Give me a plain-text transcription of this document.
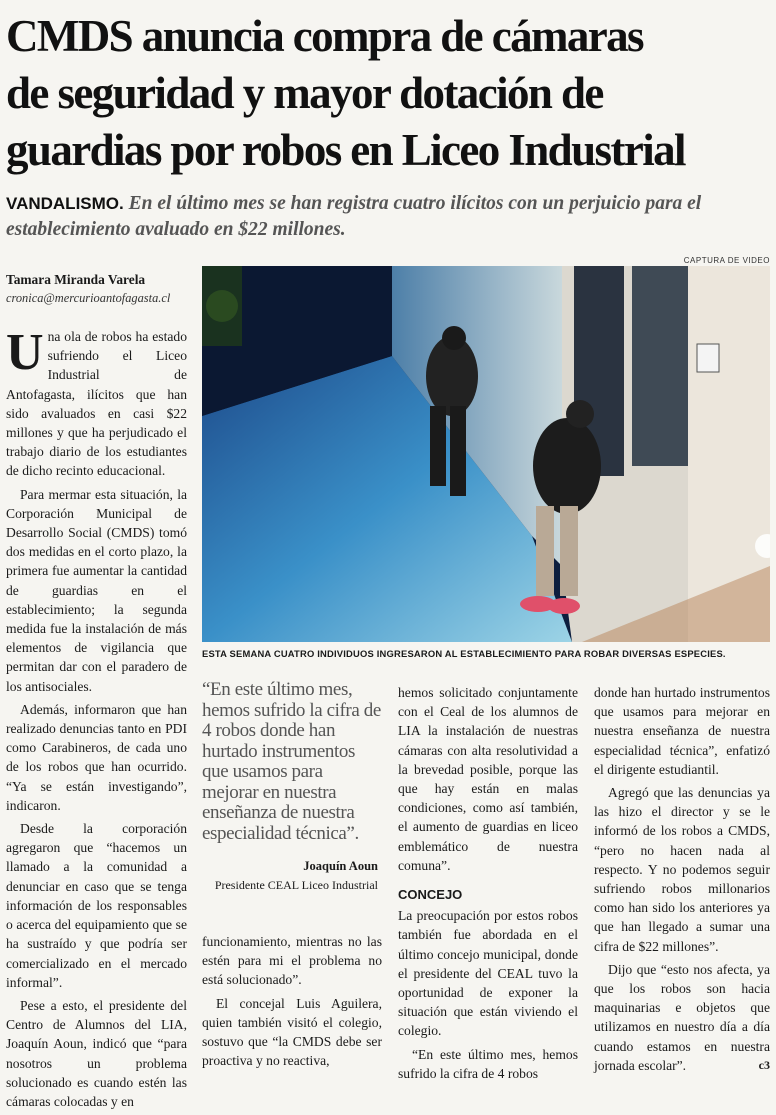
CMDS anuncia compra de cámaras
de seguridad y mayor dotación de
guardias por robos en Liceo Industrial
VANDALISMO. En el último mes se han registra cuatro ilícitos con un perjuicio para el establecimiento avaluado en $22 millones.
Tamara Miranda Varela
cronica@mercurioantofagasta.cl
CAPTURA DE VIDEO
ESTA SEMANA CUATRO INDIVIDUOS INGRESARON AL ESTABLECIMIENTO PARA ROBAR DIVERSAS ESPECIES.

Una ola de robos ha estado sufriendo el Liceo Industrial de Antofagasta, ilícitos que han sido avaluados en casi $22 millones y que ha perjudicado el trabajo diario de los estudiantes de dicho recinto educacional.

Para mermar esta situación, la Corporación Municipal de Desarrollo Social (CMDS) tomó dos medidas en el corto plazo, la primera fue aumentar la cantidad de guardias en el establecimiento; la segunda medida fue la instalación de más elementos de vigilancia que permitan dar con el paradero de los antisociales.

Además, informaron que han realizado denuncias tanto en PDI como Carabineros, de cada uno de los robos que han ocurrido. “Ya se están investigando”, indicaron.

Desde la corporación agregaron que “hacemos un llamado a la comunidad a denunciar en caso que se tenga información de los responsables o acerca del equipamiento que se ha sustraído y que podría ser comercializado en el mercado informal”.

Pese a esto, el presidente del Centro de Alumnos del LIA, Joaquín Aoun, indicó que “para nosotros un problema solucionado es cuando estén las cámaras colocadas y en

“En este último mes, hemos sufrido la cifra de 4 robos donde han hurtado instrumentos que usamos para mejorar en nuestra enseñanza de nuestra especialidad técnica”.
Joaquín Aoun
Presidente CEAL Liceo Industrial

funcionamiento, mientras no las estén para mi el problema no está solucionado”.

El concejal Luis Aguilera, quien también visitó el colegio, sostuvo que “la CMDS debe ser proactiva y no reactiva,

hemos solicitado conjuntamente con el Ceal de los alumnos de LIA la instalación de nuestras cámaras con alta resolutividad a la brevedad posible, porque las que hay están en malas condiciones, como así también, el aumento de guardias en liceo emblemático de nuestra comuna”.

CONCEJO

La preocupación por estos robos también fue abordada en el último concejo municipal, donde el presidente del CEAL tuvo la oportunidad de exponer la situación que están viviendo el colegio.

“En este último mes, hemos sufrido la cifra de 4 robos

donde han hurtado instrumentos que usamos para mejorar en nuestra enseñanza de nuestra especialidad técnica”, enfatizó el dirigente estudiantil.

Agregó que las denuncias ya las hizo el director y se le informó de los robos a CMDS, “pero no hacen nada al respecto. Y no podemos seguir sufriendo robos millonarios como han sido los anteriores ya que han llegado a sumar una cifra de $22 millones”.

Dijo que “esto nos afecta, ya que los robos son hacia maquinarias e objetos que utilizamos en nuestro día a día cuando estamos en nuestra jornada escolar”.	c3
